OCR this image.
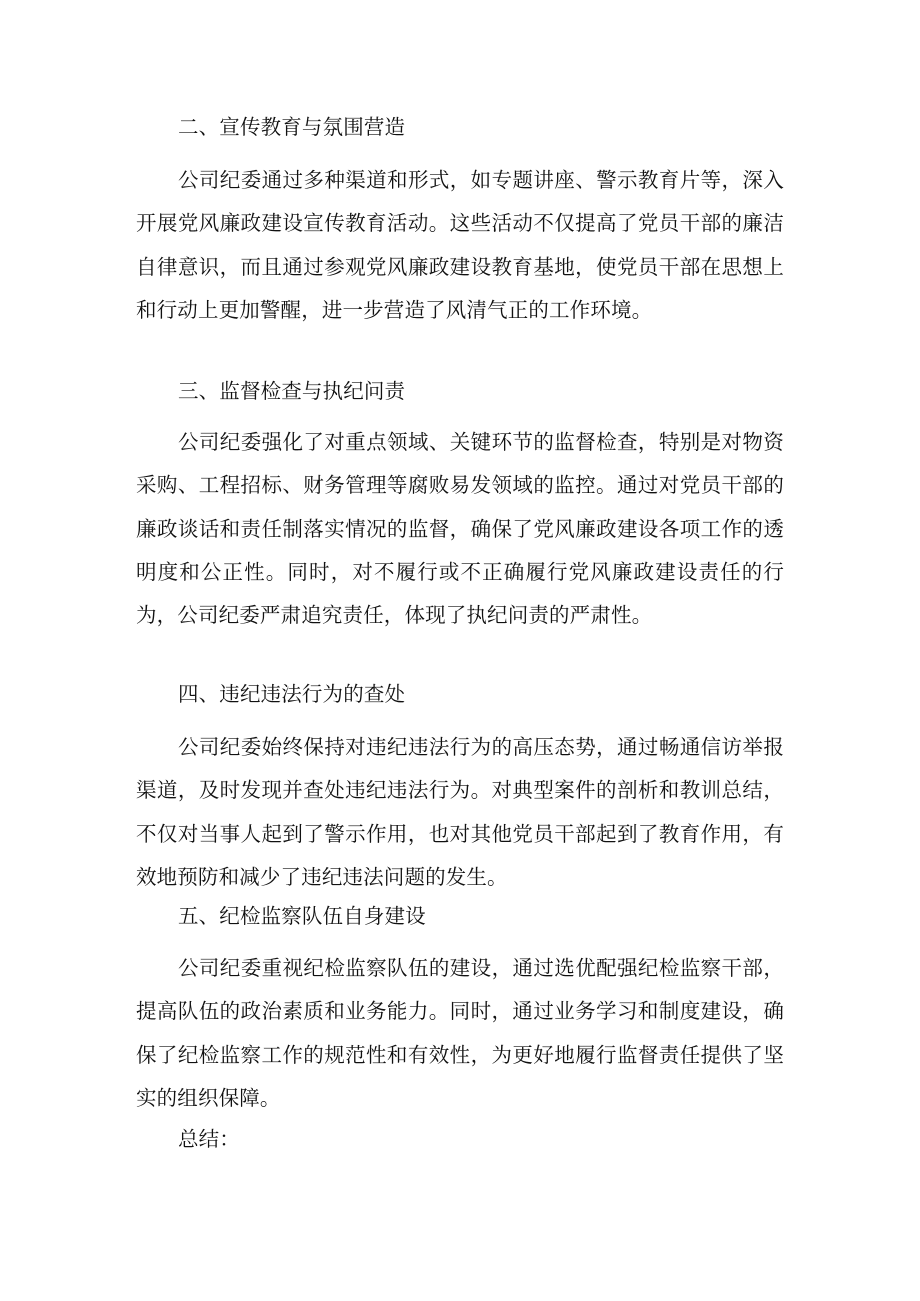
二、宣传教育与氛围营造

公司纪委通过多种渠道和形式，如专题讲座、警示教育片等，深入开展党风廉政建设宣传教育活动。这些活动不仅提高了党员干部的廉洁自律意识，而且通过参观党风廉政建设教育基地，使党员干部在思想上和行动上更加警醒，进一步营造了风清气正的工作环境。

三、监督检查与执纪问责

公司纪委强化了对重点领域、关键环节的监督检查，特别是对物资采购、工程招标、财务管理等腐败易发领域的监控。通过对党员干部的廉政谈话和责任制落实情况的监督，确保了党风廉政建设各项工作的透明度和公正性。同时，对不履行或不正确履行党风廉政建设责任的行为，公司纪委严肃追究责任，体现了执纪问责的严肃性。

四、违纪违法行为的查处

公司纪委始终保持对违纪违法行为的高压态势，通过畅通信访举报渠道，及时发现并查处违纪违法行为。对典型案件的剖析和教训总结，不仅对当事人起到了警示作用，也对其他党员干部起到了教育作用，有效地预防和减少了违纪违法问题的发生。

五、纪检监察队伍自身建设

公司纪委重视纪检监察队伍的建设，通过选优配强纪检监察干部，提高队伍的政治素质和业务能力。同时，通过业务学习和制度建设，确保了纪检监察工作的规范性和有效性，为更好地履行监督责任提供了坚实的组织保障。

总结：
